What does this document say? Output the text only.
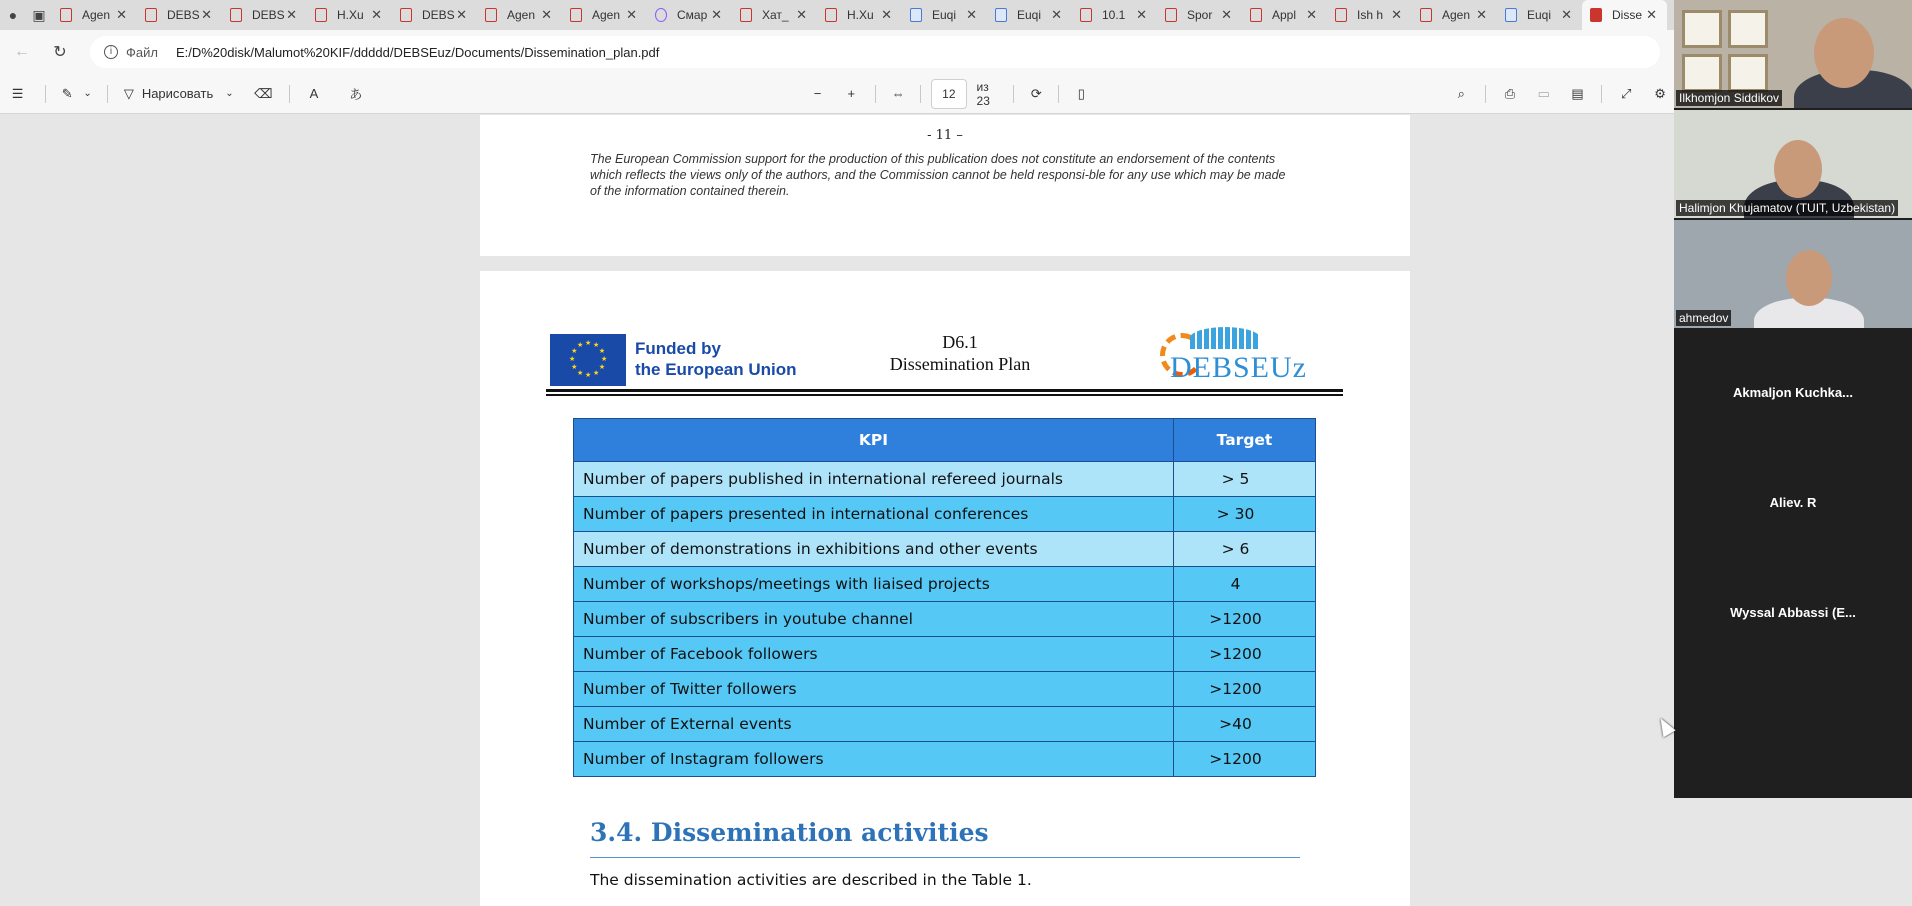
●	▣	Agen ✕	DEBS ✕	DEBS ✕	H.Xu ✕	DEBS ✕	Agen ✕	Agen ✕	Смар ✕	Хат_ ✕	H.Xu ✕	Euqi ✕	Euqi ✕	10.1 ✕	Spor ✕	Appl ✕	Ish h ✕	Agen ✕	Euqi ✕	Disse ✕
←	↻	i	Файл E:/D%20disk/Malumot%20KIF/ddddd/DEBSEuz/Documents/Dissemination_plan.pdf
☰	✎	⌄	▽ Нарисовать ⌄	⌫	A	あ	−	+	⇔	12	из 23	⟳	▯	⌕	⎙	▭	▤	⤢	⚙
- 11 –
The European Commission support for the production of this publication does not constitute an endorsement of the contents which reflects the views only of the authors, and the Commission cannot be held responsi-ble for any use which may be made of the information contained therein.
★
★
★
★
★
★
★
★
★ ★ ★
★ Funded by
the European Union
D6.1
Dissemination Plan	DEBSEUz
KPI	Target
Number of papers published in international refereed journals	> 5
Number of papers presented in international conferences	> 30
Number of demonstrations in exhibitions and other events	> 6
Number of workshops/meetings with liaised projects	4
Number of subscribers in youtube channel	>1200
Number of Facebook followers	>1200
Number of Twitter followers	>1200
Number of External events	>40
Number of Instagram followers	>1200
3.4. Dissemination activities
The dissemination activities are described in the Table 1.
Ilkhomjon Siddikov
Halimjon Khujamatov (TUIT, Uzbekistan)
ahmedov
Akmaljon Kuchka...
Aliev. R
Wyssal Abbassi (E...
